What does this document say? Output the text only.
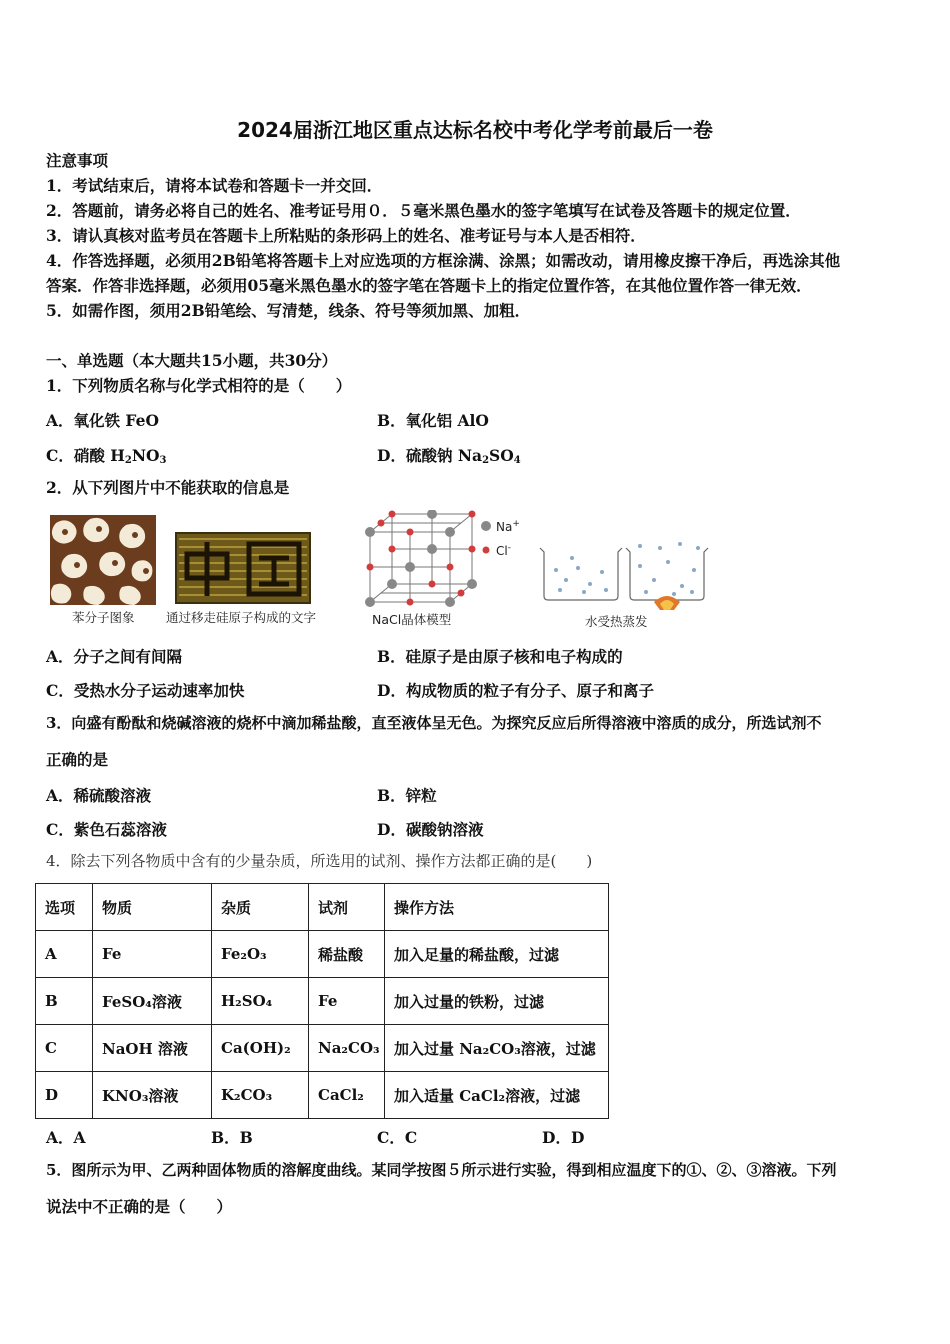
2024届浙江地区重点达标名校中考化学考前最后一卷
注意事项
1．考试结束后，请将本试卷和答题卡一并交回．
2．答题前，请务必将自己的姓名、准考证号用０．５毫米黑色墨水的签字笔填写在试卷及答题卡的规定位置．
3．请认真核对监考员在答题卡上所粘贴的条形码上的姓名、准考证号与本人是否相符．
4．作答选择题，必须用2B铅笔将答题卡上对应选项的方框涂满、涂黑；如需改动，请用橡皮擦干净后，再选涂其他
答案．作答非选择题，必须用05毫米黑色墨水的签字笔在答题卡上的指定位置作答，在其他位置作答一律无效．
5．如需作图，须用2B铅笔绘、写清楚，线条、符号等须加黑、加粗．
一、单选题（本大题共15小题，共30分）
1．下列物质名称与化学式相符的是（　　）
A．氧化铁 FeO	B．氧化铝 AlO
C．硝酸 $H_2NO_3$	D．硫酸钠 $Na_2SO_4$
2．从下列图片中不能获取的信息是
苯分子图象	通过移走硅原子构成的文字
Na+
Cl-
NaCl晶体模型	水受热蒸发
A．分子之间有间隔	B．硅原子是由原子核和电子构成的
C．受热水分子运动速率加快	D．构成物质的粒子有分子、原子和离子
3．向盛有酚酞和烧碱溶液的烧杯中滴加稀盐酸，直至液体呈无色。为探究反应后所得溶液中溶质的成分，所选试剂不
正确的是
A．稀硫酸溶液	B．锌粒
C．紫色石蕊溶液	D．碳酸钠溶液
4．除去下列各物质中含有的少量杂质，所选用的试剂、操作方法都正确的是(　　)
选项	物质	杂质	试剂	操作方法
A	Fe	Fe₂O₃	稀盐酸	加入足量的稀盐酸，过滤
B	FeSO₄溶液	H₂SO₄	Fe	加入过量的铁粉，过滤
C	NaOH 溶液	Ca(OH)₂	Na₂CO₃	加入过量 Na₂CO₃溶液，过滤
D	KNO₃溶液	K₂CO₃	CaCl₂	加入适量 CaCl₂溶液，过滤
A．A	B．B	C．C	D．D
5．图所示为甲、乙两种固体物质的溶解度曲线。某同学按图５所示进行实验，得到相应温度下的①、②、③溶液。下列
说法中不正确的是（　　）
